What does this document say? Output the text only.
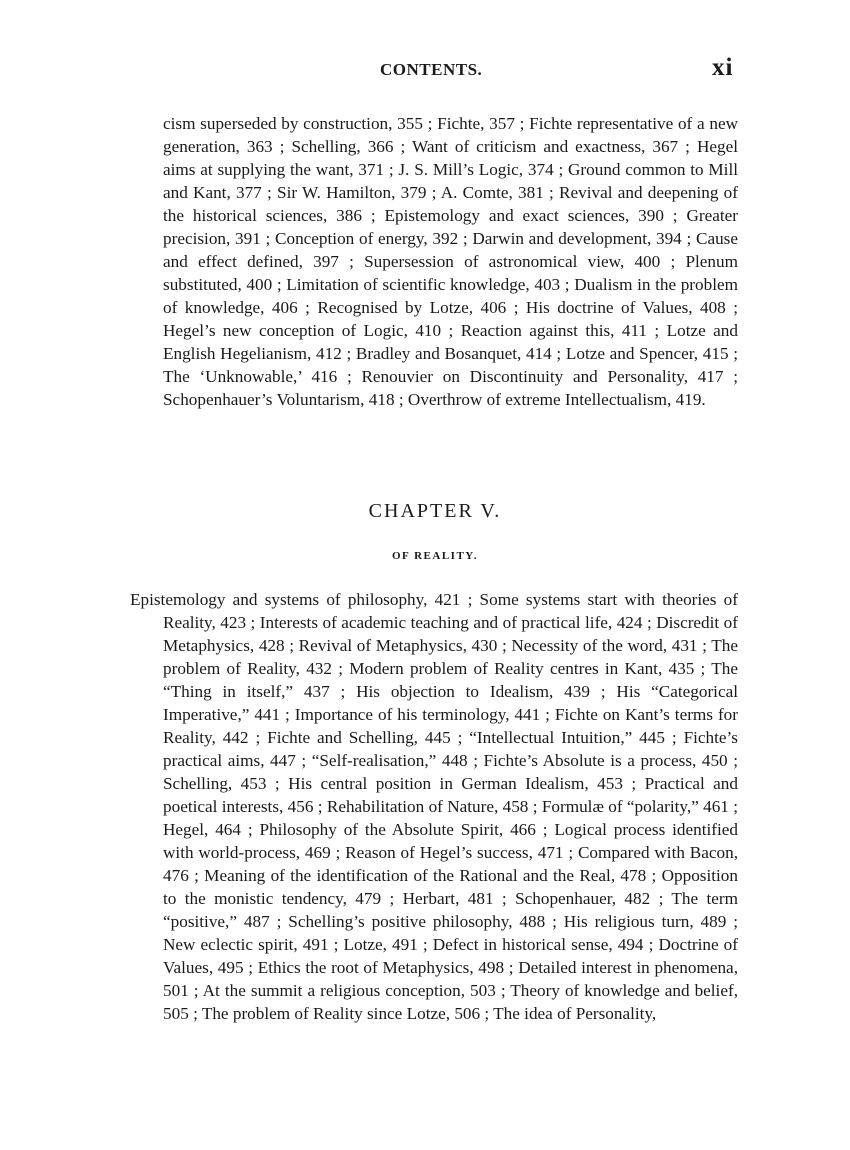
CONTENTS.	xi

cism superseded by construction, 355 ; Fichte, 357 ; Fichte representative of a new generation, 363 ; Schelling, 366 ; Want of criticism and exactness, 367 ; Hegel aims at supplying the want, 371 ; J. S. Mill’s Logic, 374 ; Ground common to Mill and Kant, 377 ; Sir W. Hamilton, 379 ; A. Comte, 381 ; Revival and deepening of the historical sciences, 386 ; Epistemology and exact sciences, 390 ; Greater precision, 391 ; Conception of energy, 392 ; Darwin and development, 394 ; Cause and effect defined, 397 ; Supersession of astronomical view, 400 ; Plenum substituted, 400 ; Limitation of scientific knowledge, 403 ; Dualism in the problem of knowledge, 406 ; Recognised by Lotze, 406 ; His doctrine of Values, 408 ; Hegel’s new conception of Logic, 410 ; Reaction against this, 411 ; Lotze and English Hegelianism, 412 ; Bradley and Bosanquet, 414 ; Lotze and Spencer, 415 ; The ‘Unknowable,’ 416 ; Renouvier on Discontinuity and Personality, 417 ; Schopenhauer’s Voluntarism, 418 ; Overthrow of extreme Intellectualism, 419.

CHAPTER V.
OF REALITY.

Epistemology and systems of philosophy, 421 ; Some systems start with theories of Reality, 423 ; Interests of academic teaching and of practical life, 424 ; Discredit of Metaphysics, 428 ; Revival of Metaphysics, 430 ; Necessity of the word, 431 ; The problem of Reality, 432 ; Modern problem of Reality centres in Kant, 435 ; The “Thing in itself,” 437 ; His objection to Idealism, 439 ; His “Categorical Imperative,” 441 ; Importance of his terminology, 441 ; Fichte on Kant’s terms for Reality, 442 ; Fichte and Schelling, 445 ; “Intellectual Intuition,” 445 ; Fichte’s practical aims, 447 ; “Self-realisation,” 448 ; Fichte’s Absolute is a process, 450 ; Schelling, 453 ; His central position in German Idealism, 453 ; Practical and poetical interests, 456 ; Rehabilitation of Nature, 458 ; Formulæ of “polarity,” 461 ; Hegel, 464 ; Philosophy of the Absolute Spirit, 466 ; Logical process identified with world-process, 469 ; Reason of Hegel’s success, 471 ; Compared with Bacon, 476 ; Meaning of the identification of the Rational and the Real, 478 ; Opposition to the monistic tendency, 479 ; Herbart, 481 ; Schopenhauer, 482 ; The term “positive,” 487 ; Schelling’s positive philosophy, 488 ; His religious turn, 489 ; New eclectic spirit, 491 ; Lotze, 491 ; Defect in historical sense, 494 ; Doctrine of Values, 495 ; Ethics the root of Metaphysics, 498 ; Detailed interest in phenomena, 501 ; At the summit a religious conception, 503 ; Theory of knowledge and belief, 505 ; The problem of Reality since Lotze, 506 ; The idea of Personality,
